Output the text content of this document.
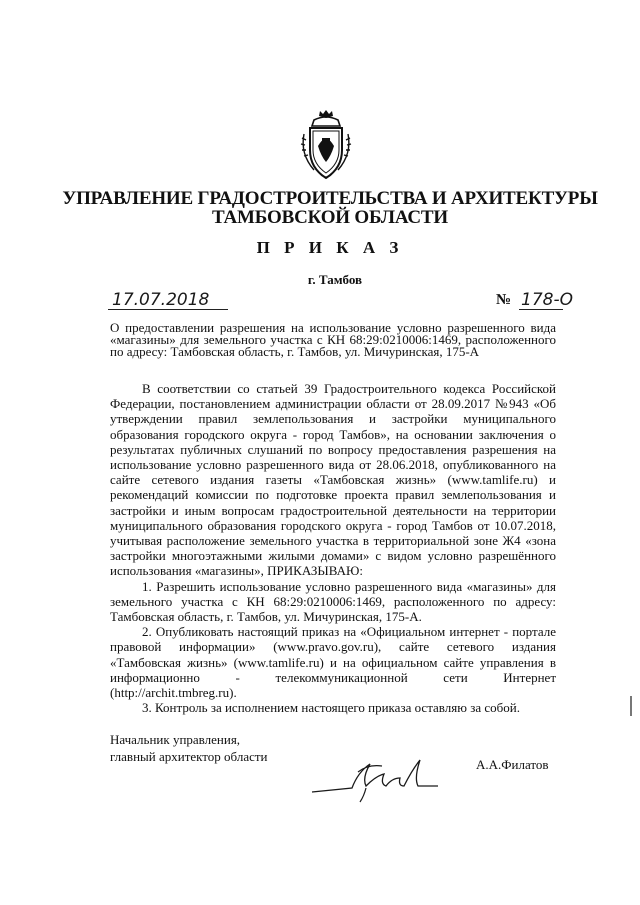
УПРАВЛЕНИЕ ГРАДОСТРОИТЕЛЬСТВА И АРХИТЕКТУРЫ
ТАМБОВСКОЙ ОБЛАСТИ
П Р И К А З
г. Тамбов
17.07.2018	№ 178-О
О предоставлении разрешения на использование условно разрешенного вида «магазины» для земельного участка с КН 68:29:0210006:1469, расположенного по адресу: Тамбовская область, г. Тамбов, ул. Мичуринская, 175-А

В соответствии со статьей 39 Градостроительного кодекса Российской Федерации, постановлением администрации области от 28.09.2017 №943 «Об утверждении правил землепользования и застройки муниципального образования городского округа - город Тамбов», на основании заключения о результатах публичных слушаний по вопросу предоставления разрешения на использование условно разрешенного вида от 28.06.2018, опубликованного на сайте сетевого издания газеты «Тамбовская жизнь» (www.tamlife.ru) и рекомендаций комиссии по подготовке проекта правил землепользования и застройки и иным вопросам градостроительной деятельности на территории муниципального образования городского округа - город Тамбов от 10.07.2018, учитывая расположение земельного участка в территориальной зоне Ж4 «зона застройки многоэтажными жилыми домами» с видом условно разрешённого использования «магазины», ПРИКАЗЫВАЮ:

1. Разрешить использование условно разрешенного вида «магазины» для земельного участка с КН 68:29:0210006:1469, расположенного по адресу: Тамбовская область, г. Тамбов, ул. Мичуринская, 175-А.

2. Опубликовать настоящий приказ на «Официальном интернет - портале правовой информации» (www.pravo.gov.ru), сайте сетевого издания «Тамбовская жизнь» (www.tamlife.ru) и на официальном сайте управления в информационно - телекоммуникационной сети Интернет (http://archit.tmbreg.ru).

3. Контроль за исполнением настоящего приказа оставляю за собой.

Начальник управления,
главный архитектор области
А.А.Филатов
